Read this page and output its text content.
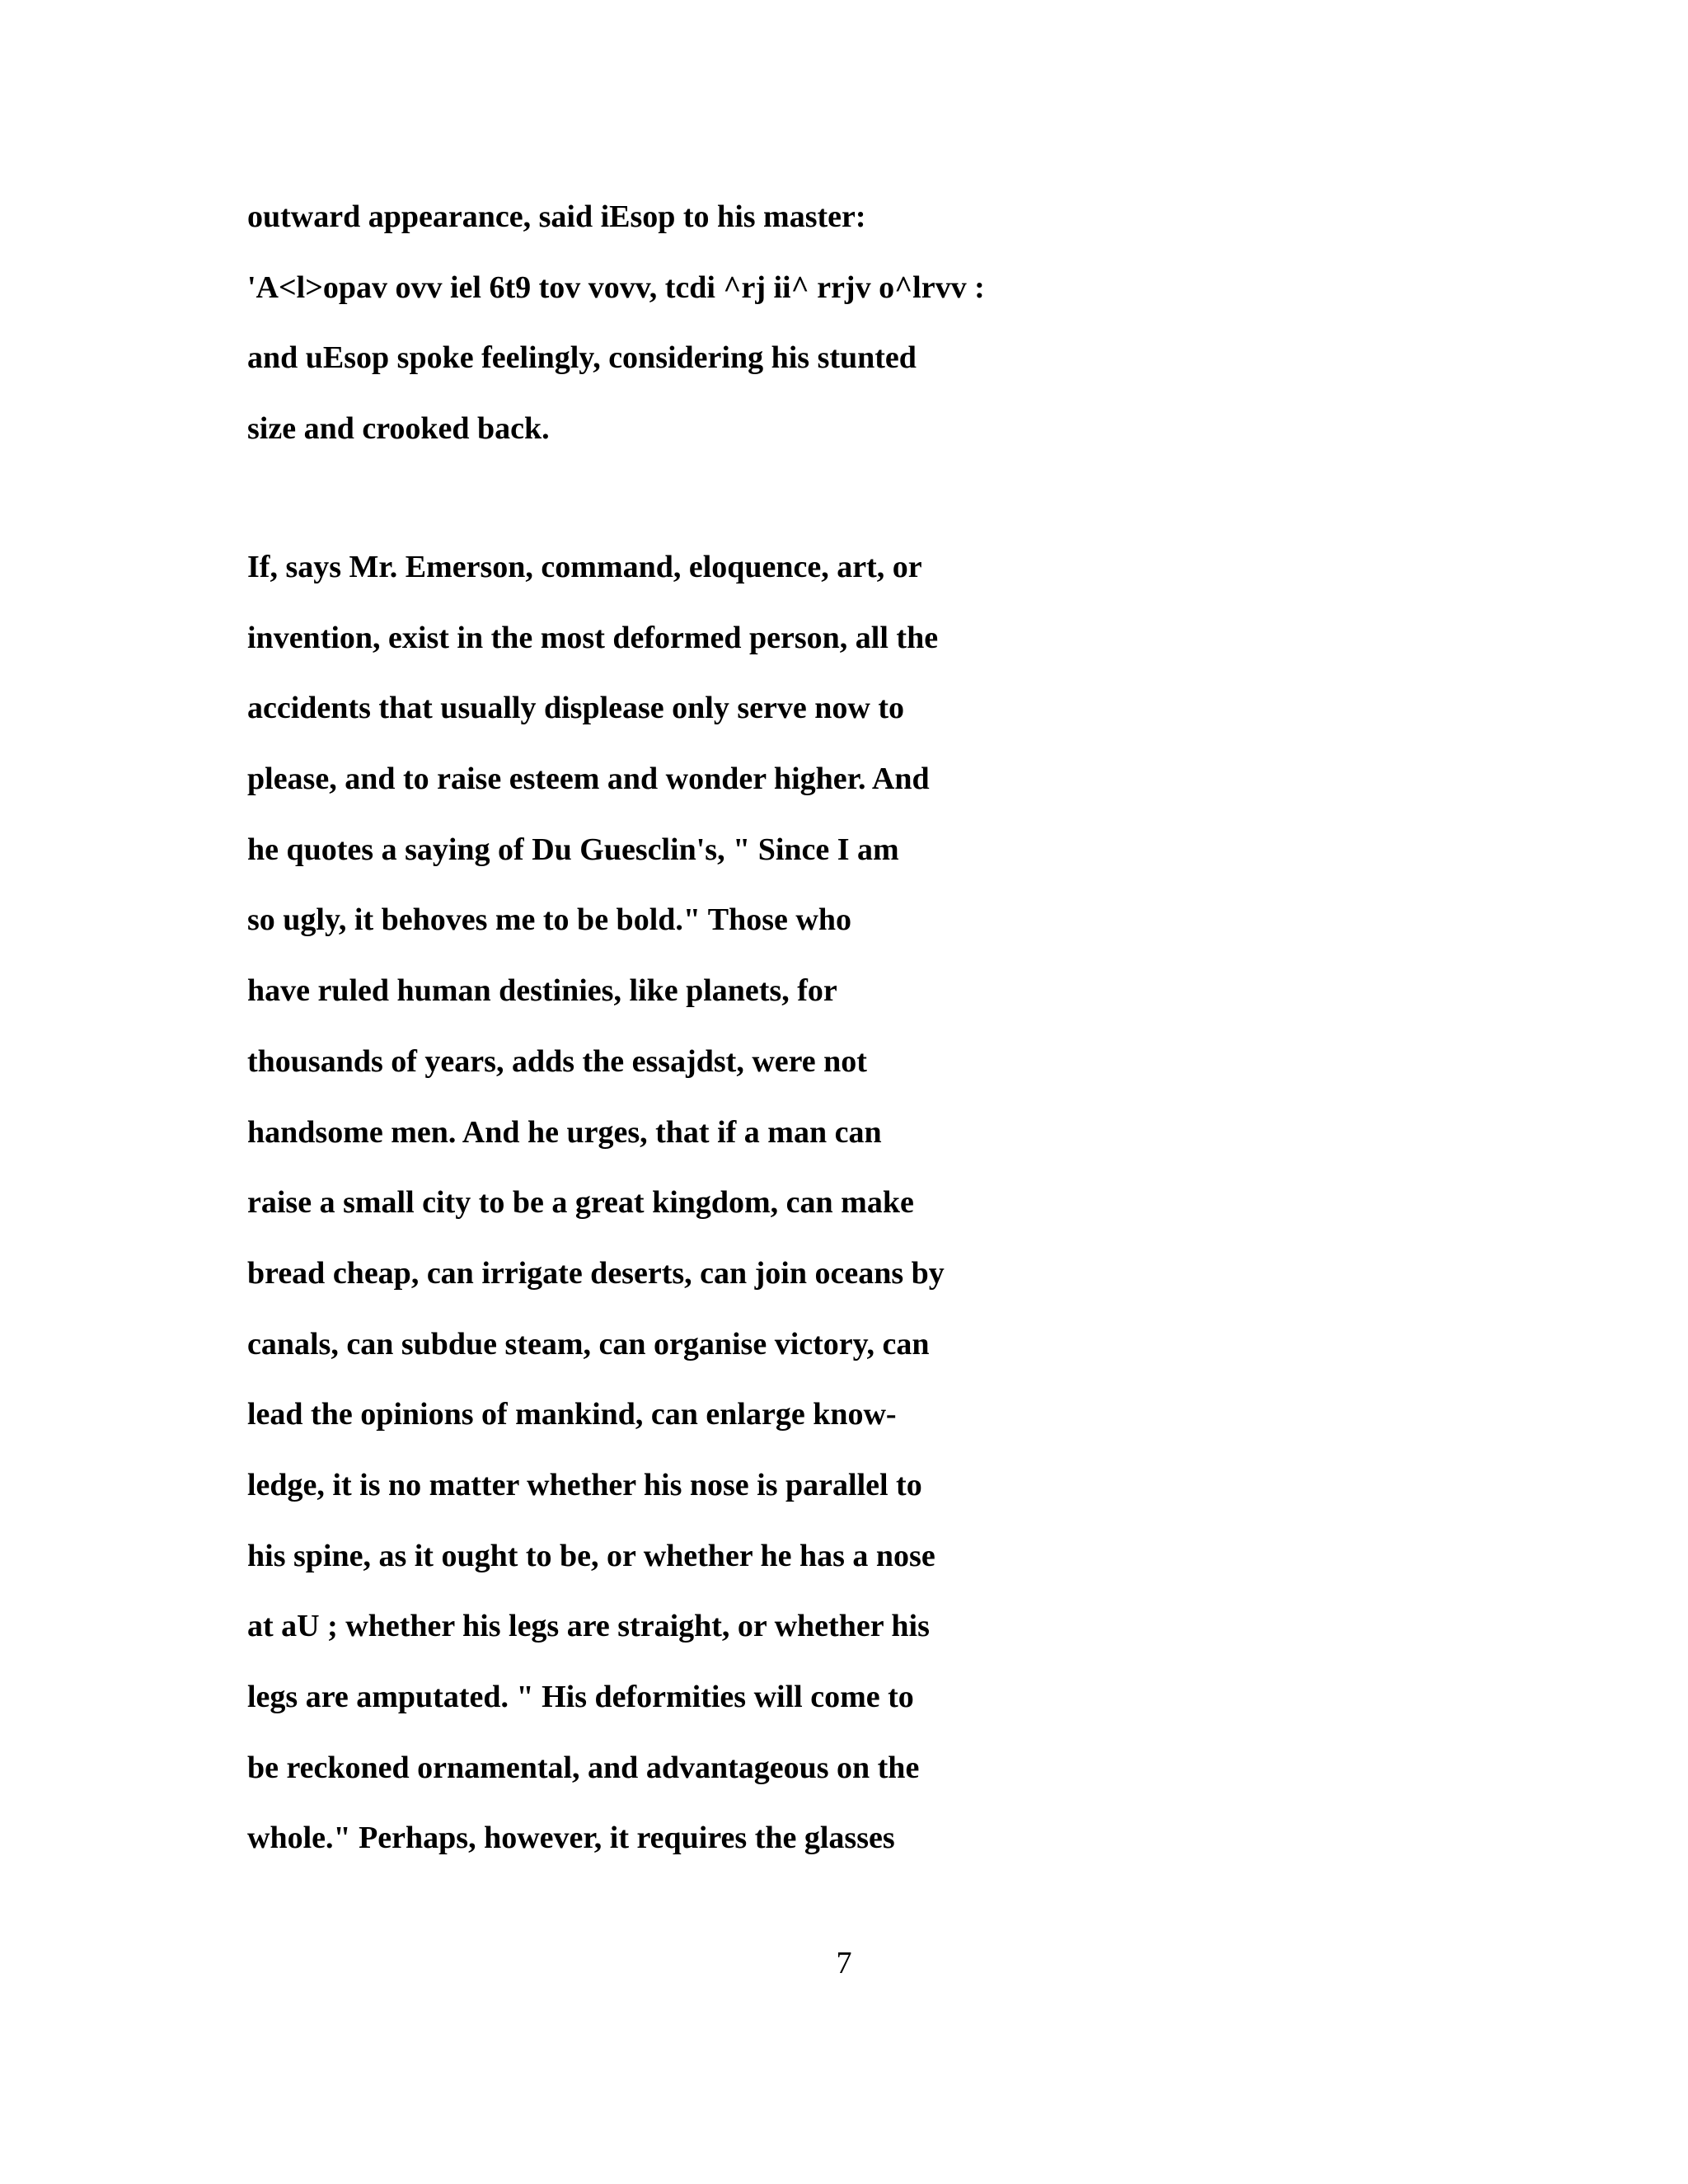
outward appearance, said iEsop to his master:
'A<l>opav ovv iel 6t9 tov vovv, tcdi ^rj ii^ rrjv o^lrvv :
and uEsop spoke feelingly, considering his stunted
size and crooked back.
If, says Mr. Emerson, command, eloquence, art, or
invention, exist in the most deformed person, all the
accidents that usually displease only serve now to
please, and to raise esteem and wonder higher. And
he quotes a saying of Du Guesclin's, " Since I am
so ugly, it behoves me to be bold." Those who
have ruled human destinies, like planets, for
thousands of years, adds the essajdst, were not
handsome men. And he urges, that if a man can
raise a small city to be a great kingdom, can make
bread cheap, can irrigate deserts, can join oceans by
canals, can subdue steam, can organise victory, can
lead the opinions of mankind, can enlarge know-
ledge, it is no matter whether his nose is parallel to
his spine, as it ought to be, or whether he has a nose
at aU ; whether his legs are straight, or whether his
legs are amputated. " His deformities will come to
be reckoned ornamental, and advantageous on the
whole." Perhaps, however, it requires the glasses
7
